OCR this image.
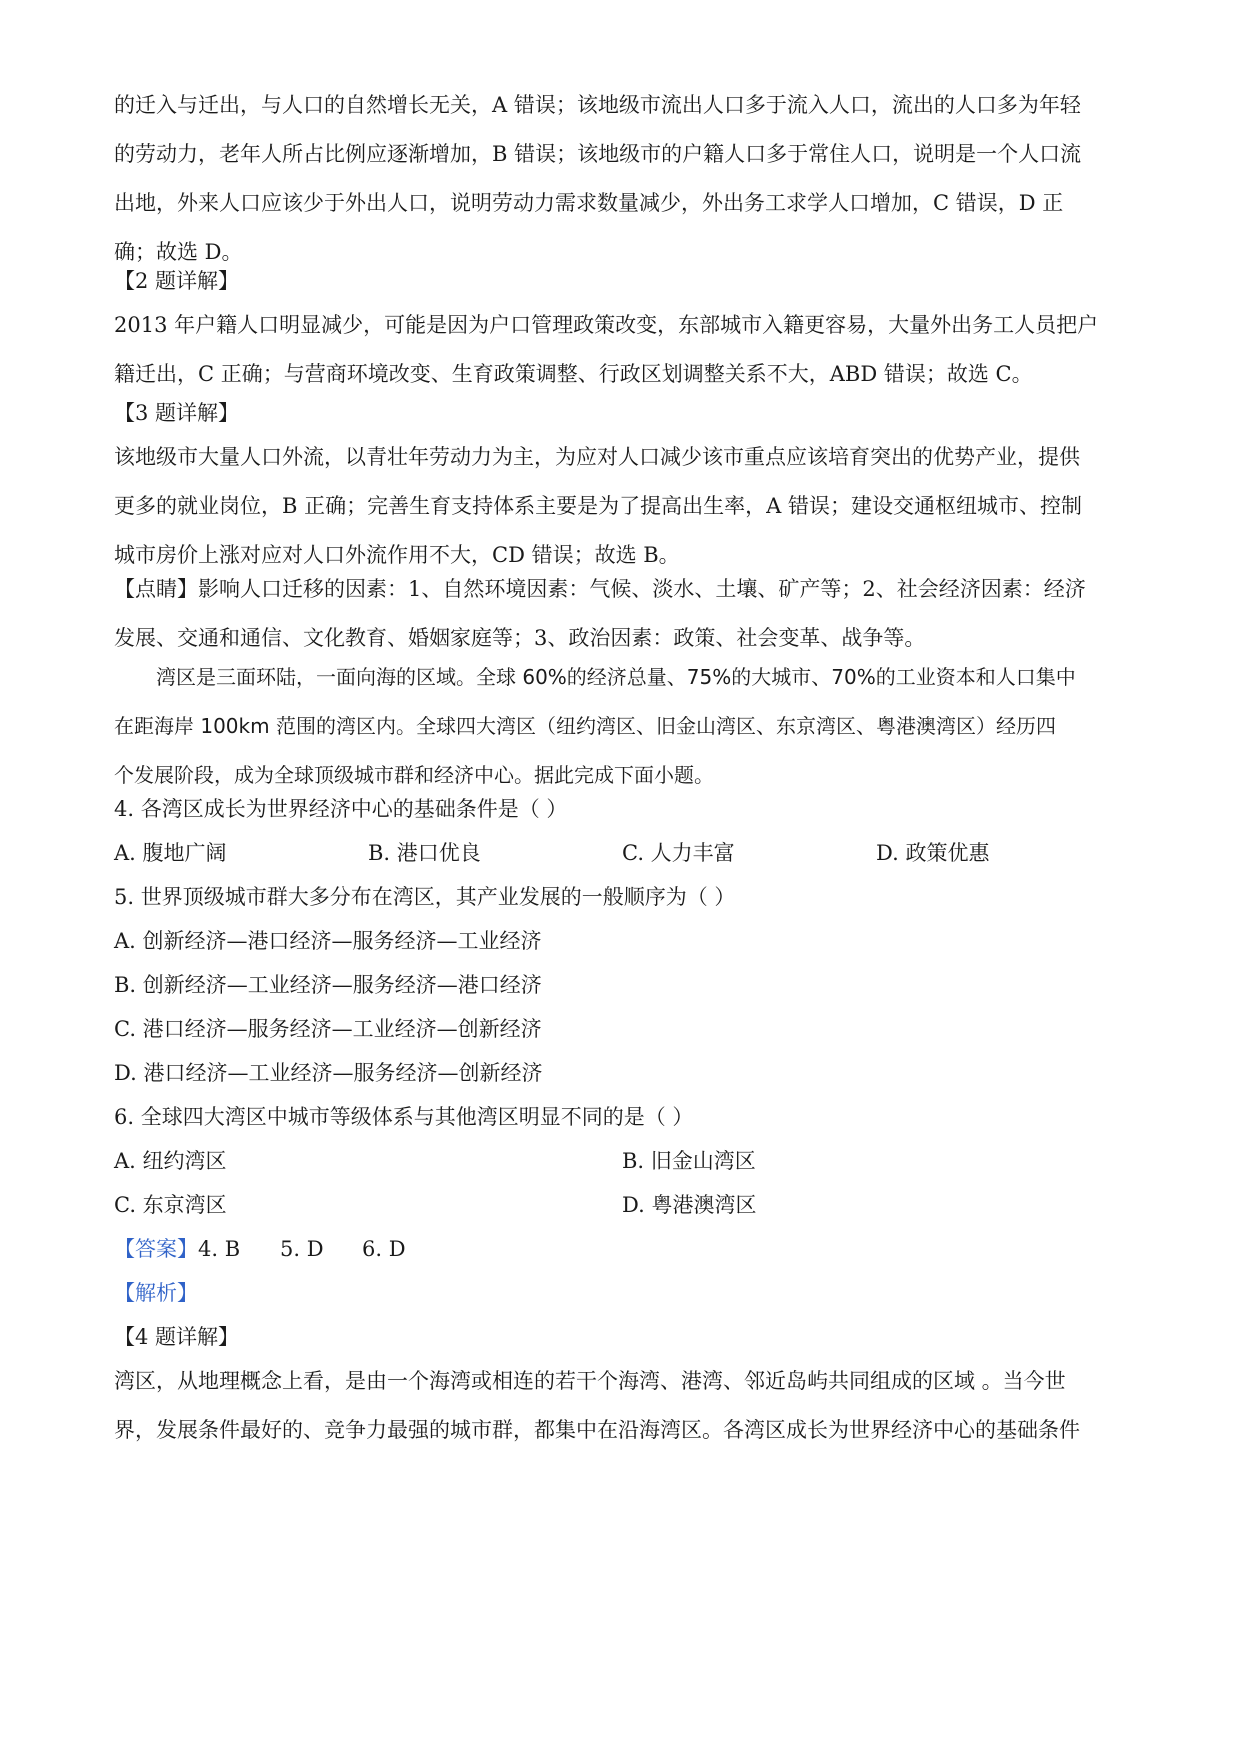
的迁入与迁出，与人口的自然增长无关，A 错误；该地级市流出人口多于流入人口，流出的人口多为年轻
的劳动力，老年人所占比例应逐渐增加，B 错误；该地级市的户籍人口多于常住人口，说明是一个人口流
出地，外来人口应该少于外出人口，说明劳动力需求数量减少，外出务工求学人口增加，C 错误，D 正
确；故选 D。
【2 题详解】
2013 年户籍人口明显减少，可能是因为户口管理政策改变，东部城市入籍更容易，大量外出务工人员把户
籍迁出，C 正确；与营商环境改变、生育政策调整、行政区划调整关系不大，ABD 错误；故选 C。
【3 题详解】
该地级市大量人口外流，以青壮年劳动力为主，为应对人口减少该市重点应该培育突出的优势产业，提供
更多的就业岗位，B 正确；完善生育支持体系主要是为了提高出生率，A 错误；建设交通枢纽城市、控制
城市房价上涨对应对人口外流作用不大，CD 错误；故选 B。
【点睛】影响人口迁移的因素：1、自然环境因素：气候、淡水、土壤、矿产等；2、社会经济因素：经济
发展、交通和通信、文化教育、婚姻家庭等；3、政治因素：政策、社会变革、战争等。
湾区是三面环陆，一面向海的区域。全球 60%的经济总量、75%的大城市、70%的工业资本和人口集中
在距海岸 100km 范围的湾区内。全球四大湾区（纽约湾区、旧金山湾区、东京湾区、粤港澳湾区）经历四
个发展阶段，成为全球顶级城市群和经济中心。据此完成下面小题。
4. 各湾区成长为世界经济中心的基础条件是（ ）
A. 腹地广阔	B. 港口优良	C. 人力丰富	D. 政策优惠
5. 世界顶级城市群大多分布在湾区，其产业发展的一般顺序为（ ）
A. 创新经济—港口经济—服务经济—工业经济
B. 创新经济—工业经济—服务经济—港口经济
C. 港口经济—服务经济—工业经济—创新经济
D. 港口经济—工业经济—服务经济—创新经济
6. 全球四大湾区中城市等级体系与其他湾区明显不同的是（ ）
A. 纽约湾区	B. 旧金山湾区
C. 东京湾区	D. 粤港澳湾区
【答案】 4. B 5. D 6. D
【解析】
【4 题详解】
湾区，从地理概念上看，是由一个海湾或相连的若干个海湾、港湾、邻近岛屿共同组成的区域 。当今世
界，发展条件最好的、竞争力最强的城市群，都集中在沿海湾区。各湾区成长为世界经济中心的基础条件
